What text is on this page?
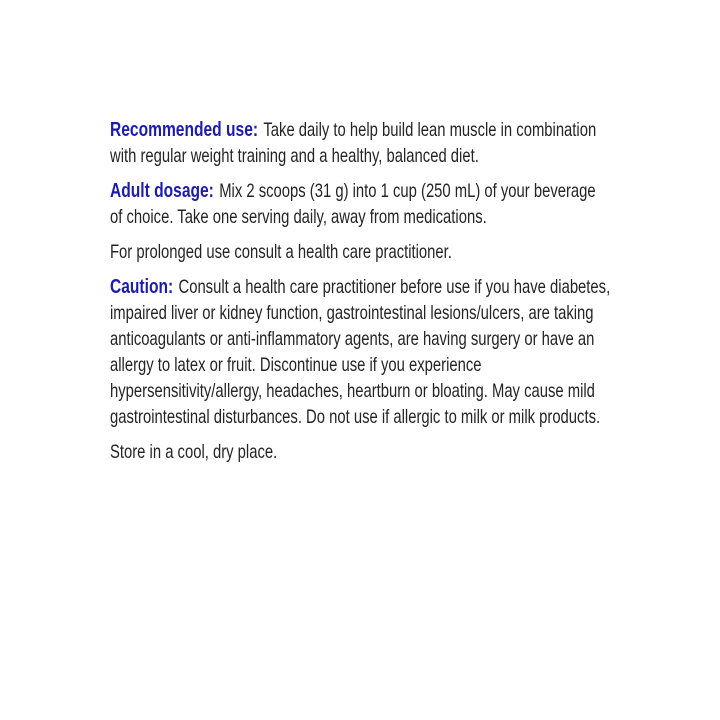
Recommended use: Take daily to help build lean muscle in combination with regular weight training and a healthy, balanced diet.

Adult dosage: Mix 2 scoops (31 g) into 1 cup (250 mL) of your beverage of choice. Take one serving daily, away from medications.

For prolonged use consult a health care practitioner.

Caution: Consult a health care practitioner before use if you have diabetes, impaired liver or kidney function, gastrointestinal lesions/ulcers, are taking anticoagulants or anti-inflammatory agents, are having surgery or have an allergy to latex or fruit. Discontinue use if you experience hypersensitivity/allergy, headaches, heartburn or bloating. May cause mild gastrointestinal disturbances. Do not use if allergic to milk or milk products.

Store in a cool, dry place.
